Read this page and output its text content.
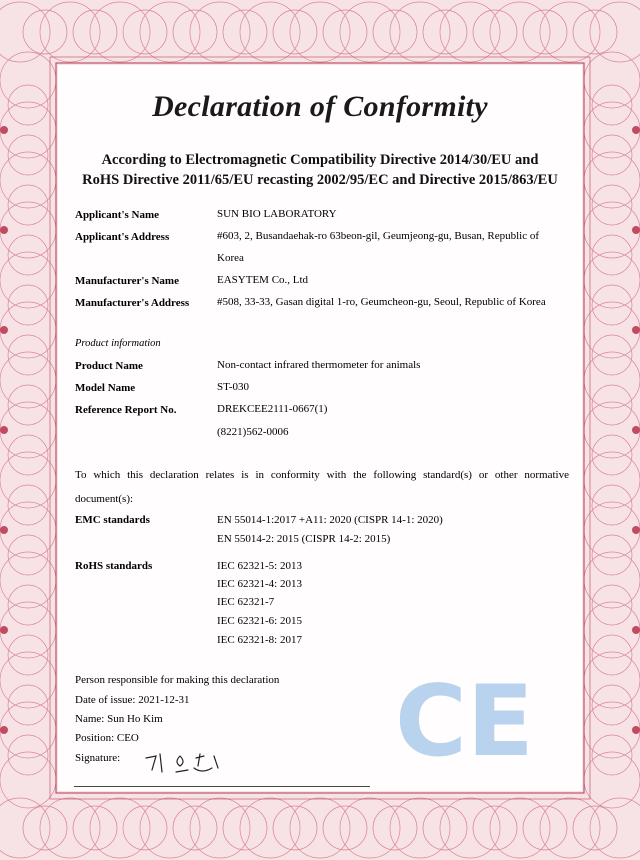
Declaration of Conformity
According to Electromagnetic Compatibility Directive 2014/30/EU and
RoHS Directive 2011/65/EU recasting 2002/95/EC and Directive 2015/863/EU
Applicant's Name	SUN BIO LABORATORY
Applicant's Address	#603, 2, Busandaehak-ro 63beon-gil, Geumjeong-gu, Busan, Republic of
Korea
Manufacturer's Name	EASYTEM Co., Ltd
Manufacturer's Address	#508, 33-33, Gasan digital 1-ro, Geumcheon-gu, Seoul, Republic of Korea
Product information
Product Name	Non-contact infrared thermometer for animals
Model Name	ST-030
Reference Report No.	DREKCEE2111-0667(1)
(8221)562-0006
To which this declaration relates is in conformity with the following standard(s) or other normative
document(s):
EMC standards	EN 55014-1:2017 +A11: 2020 (CISPR 14-1: 2020)
EN 55014-2: 2015 (CISPR 14-2: 2015)
RoHS standards	IEC 62321-5: 2013
IEC 62321-4: 2013
IEC 62321-7
IEC 62321-6: 2015
IEC 62321-8: 2017
Person responsible for making this declaration
Date of issue: 2021-12-31
Name: Sun Ho Kim
Position: CEO
Signature:	CE
